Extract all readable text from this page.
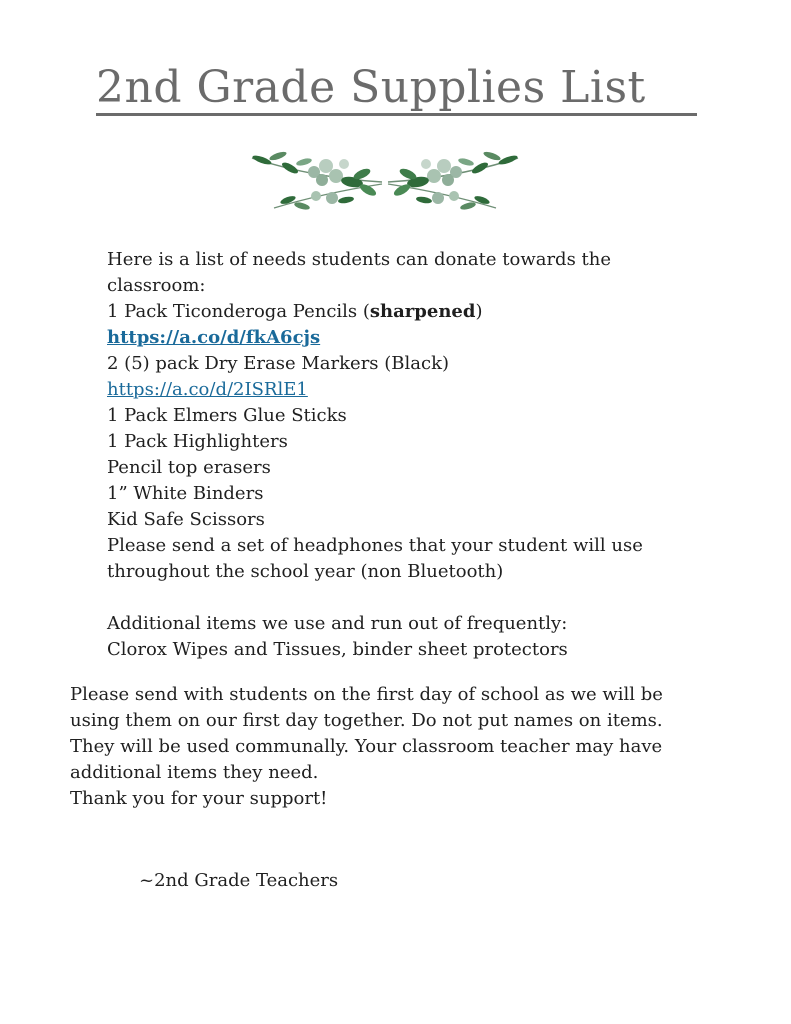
2nd Grade Supplies List
Here is a list of needs students can donate towards the
classroom:
1 Pack Ticonderoga Pencils (sharpened)
https://a.co/d/fkA6cjs
2 (5) pack Dry Erase Markers (Black)
https://a.co/d/2ISRlE1
1 Pack Elmers Glue Sticks
1 Pack Highlighters
Pencil top erasers
1” White Binders
Kid Safe Scissors
Please send a set of headphones that your student will use
throughout the school year (non Bluetooth)
Additional items we use and run out of frequently:
Clorox Wipes and Tissues, binder sheet protectors
Please send with students on the first day of school as we will be
using them on our first day together. Do not put names on items.
They will be used communally. Your classroom teacher may have
additional items they need.
Thank you for your support!
~2nd Grade Teachers
